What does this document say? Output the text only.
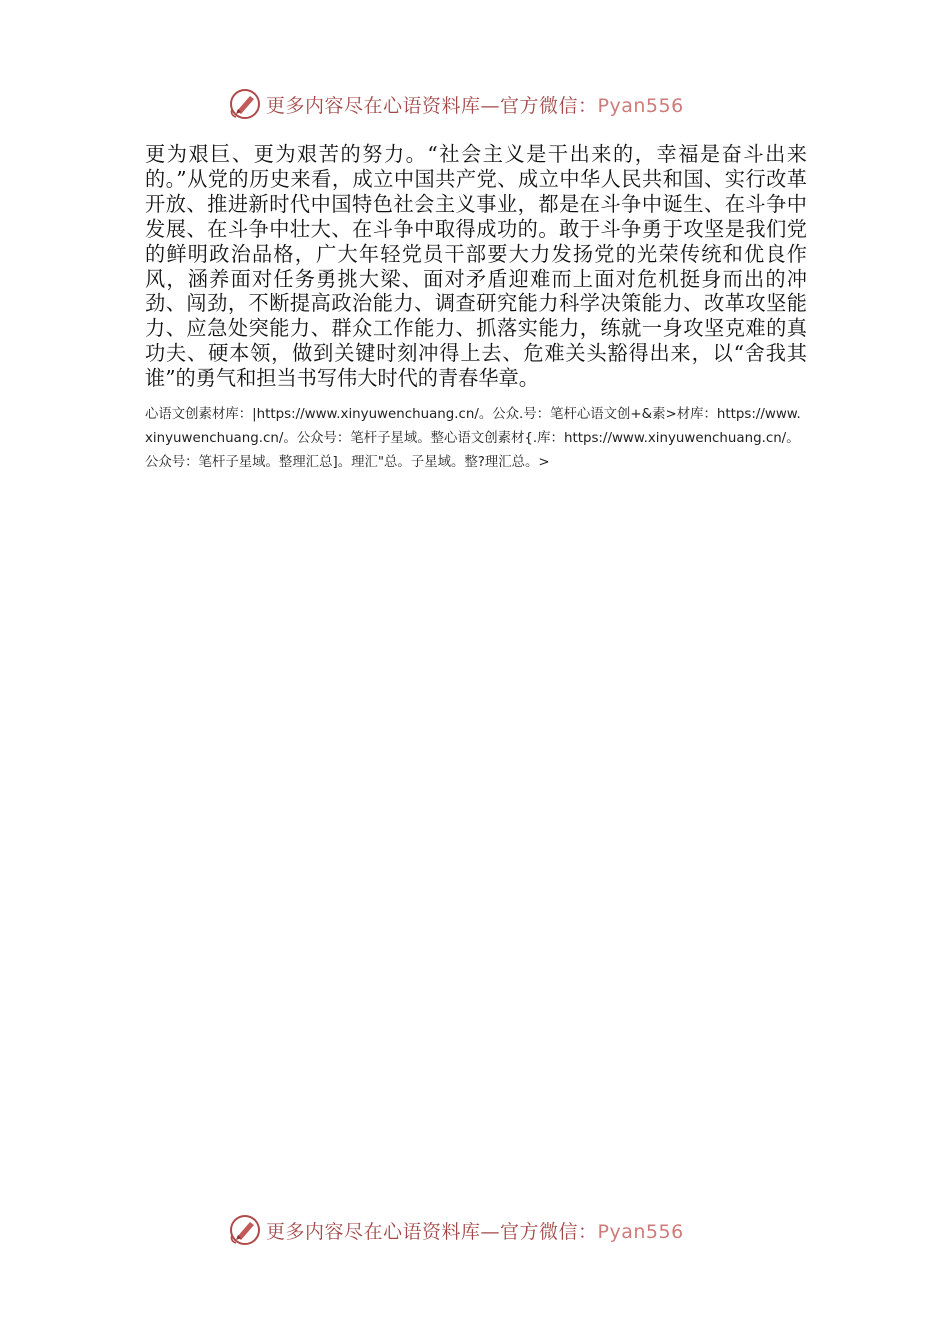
更多内容尽在心语资料库—官方微信：Pyan556

更为艰巨、更为艰苦的努力。“社会主义是干出来的，幸福是奋斗出来的。”从党的历史来看，成立中国共产党、成立中华人民共和国、实行改革开放、推进新时代中国特色社会主义事业，都是在斗争中诞生、在斗争中发展、在斗争中壮大、在斗争中取得成功的。敢于斗争勇于攻坚是我们党的鲜明政治品格，广大年轻党员干部要大力发扬党的光荣传统和优良作风，涵养面对任务勇挑大梁、面对矛盾迎难而上面对危机挺身而出的冲劲、闯劲，不断提高政治能力、调查研究能力科学决策能力、改革攻坚能力、应急处突能力、群众工作能力、抓落实能力，练就一身攻坚克难的真功夫、硬本领，做到关键时刻冲得上去、危难关头豁得出来，以“舍我其谁”的勇气和担当书写伟大时代的青春华章。

心语文创素材库：|https://www.xinyuwenchuang.cn/。公众.号：笔杆心语文创+&素>材库：https://www.xinyuwenchuang.cn/。公众号：笔杆子星域。整心语文创素材{.库：https://www.xinyuwenchuang.cn/。公众号：笔杆子星域。整理汇总]。理汇"总。子星域。整?理汇总。>
更多内容尽在心语资料库—官方微信：Pyan556
